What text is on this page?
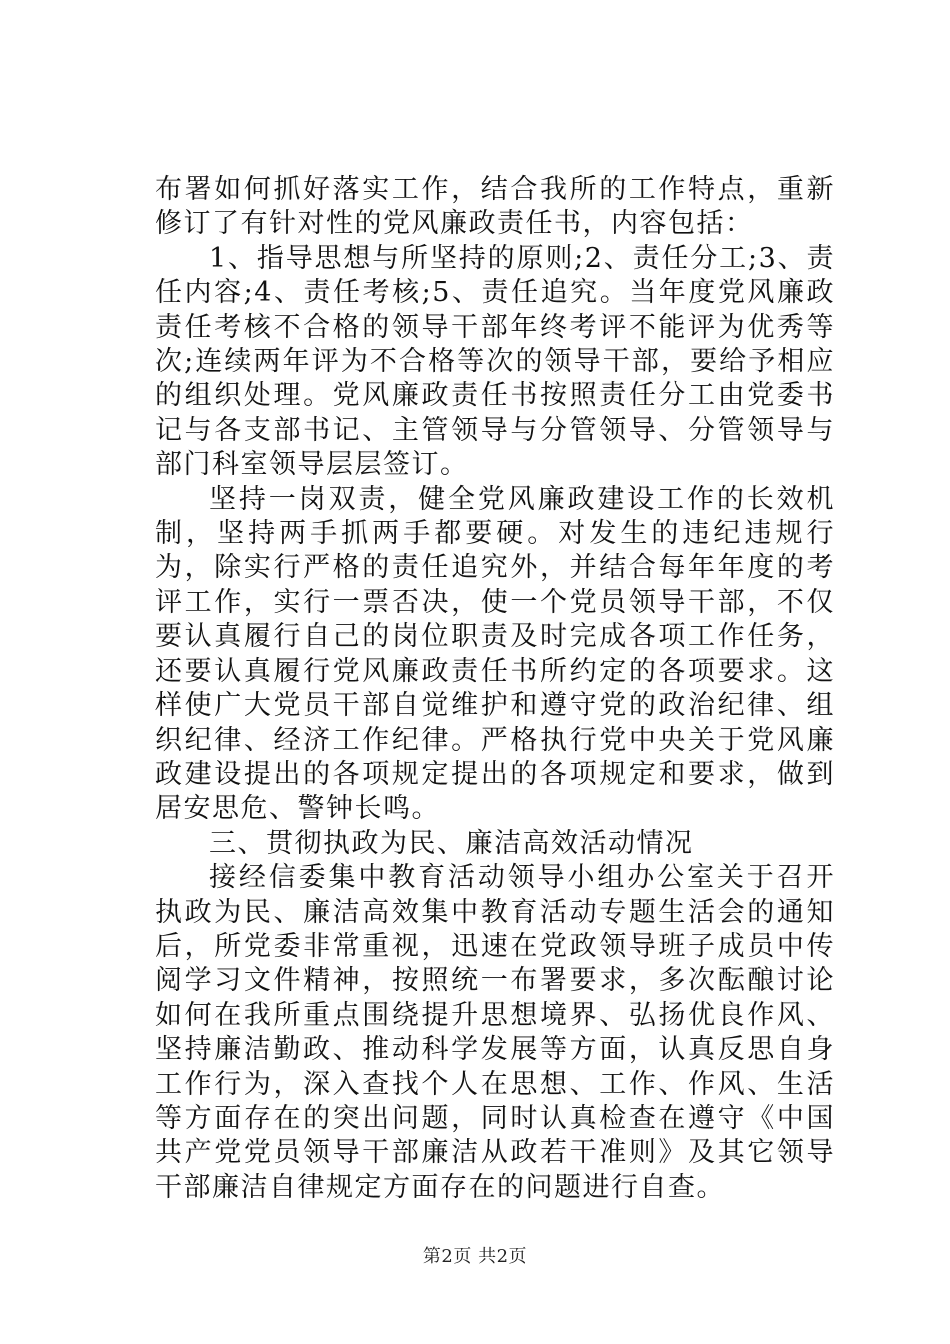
布署如何抓好落实工作，结合我所的工作特点，重新修订了有针对性的党风廉政责任书，内容包括：

1、指导思想与所坚持的原则;2、责任分工;3、责任内容;4、责任考核;5、责任追究。当年度党风廉政责任考核不合格的领导干部年终考评不能评为优秀等次;连续两年评为不合格等次的领导干部，要给予相应的组织处理。党风廉政责任书按照责任分工由党委书记与各支部书记、主管领导与分管领导、分管领导与部门科室领导层层签订。

坚持一岗双责，健全党风廉政建设工作的长效机制，坚持两手抓两手都要硬。对发生的违纪违规行为，除实行严格的责任追究外，并结合每年年度的考评工作，实行一票否决，使一个党员领导干部，不仅要认真履行自己的岗位职责及时完成各项工作任务，还要认真履行党风廉政责任书所约定的各项要求。这样使广大党员干部自觉维护和遵守党的政治纪律、组织纪律、经济工作纪律。严格执行党中央关于党风廉政建设提出的各项规定提出的各项规定和要求，做到居安思危、警钟长鸣。

三、贯彻执政为民、廉洁高效活动情况

接经信委集中教育活动领导小组办公室关于召开执政为民、廉洁高效集中教育活动专题生活会的通知后，所党委非常重视，迅速在党政领导班子成员中传阅学习文件精神，按照统一布署要求，多次酝酿讨论如何在我所重点围绕提升思想境界、弘扬优良作风、坚持廉洁勤政、推动科学发展等方面，认真反思自身工作行为，深入查找个人在思想、工作、作风、生活等方面存在的突出问题，同时认真检查在遵守《中国共产党党员领导干部廉洁从政若干准则》及其它领导干部廉洁自律规定方面存在的问题进行自查。

第2页 共2页
